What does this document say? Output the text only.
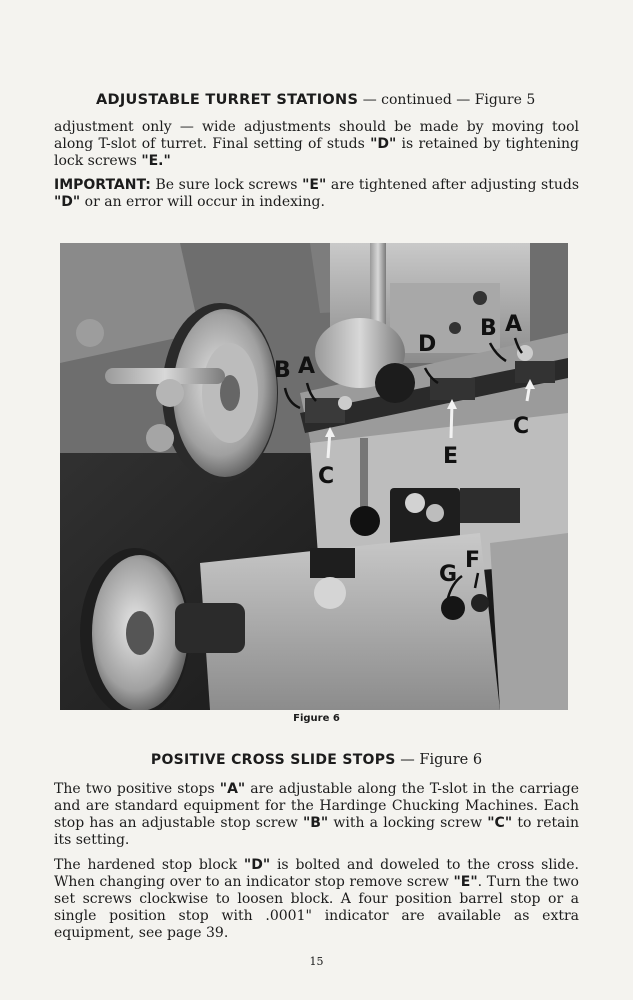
ADJUSTABLE TURRET STATIONS — continued — Figure 5

adjustment only — wide adjustments should be made by moving tool along T-slot of turret. Final setting of studs "D" is retained by tightening lock screws "E."

IMPORTANT: Be sure lock screws "E" are tightened after adjusting studs "D" or an error will occur in indexing.

B A
C
D
E
B A
C
G
F
Figure 6
POSITIVE CROSS SLIDE STOPS — Figure 6

The two positive stops "A" are adjustable along the T-slot in the carriage and are standard equipment for the Hardinge Chucking Machines. Each stop has an adjustable stop screw "B" with a locking screw "C" to retain its setting.

The hardened stop block "D" is bolted and doweled to the cross slide. When changing over to an indicator stop remove screw "E". Turn the two set screws clockwise to loosen block. A four position barrel stop or a single position stop with .0001" indicator are available as extra equipment, see page 39.

15
